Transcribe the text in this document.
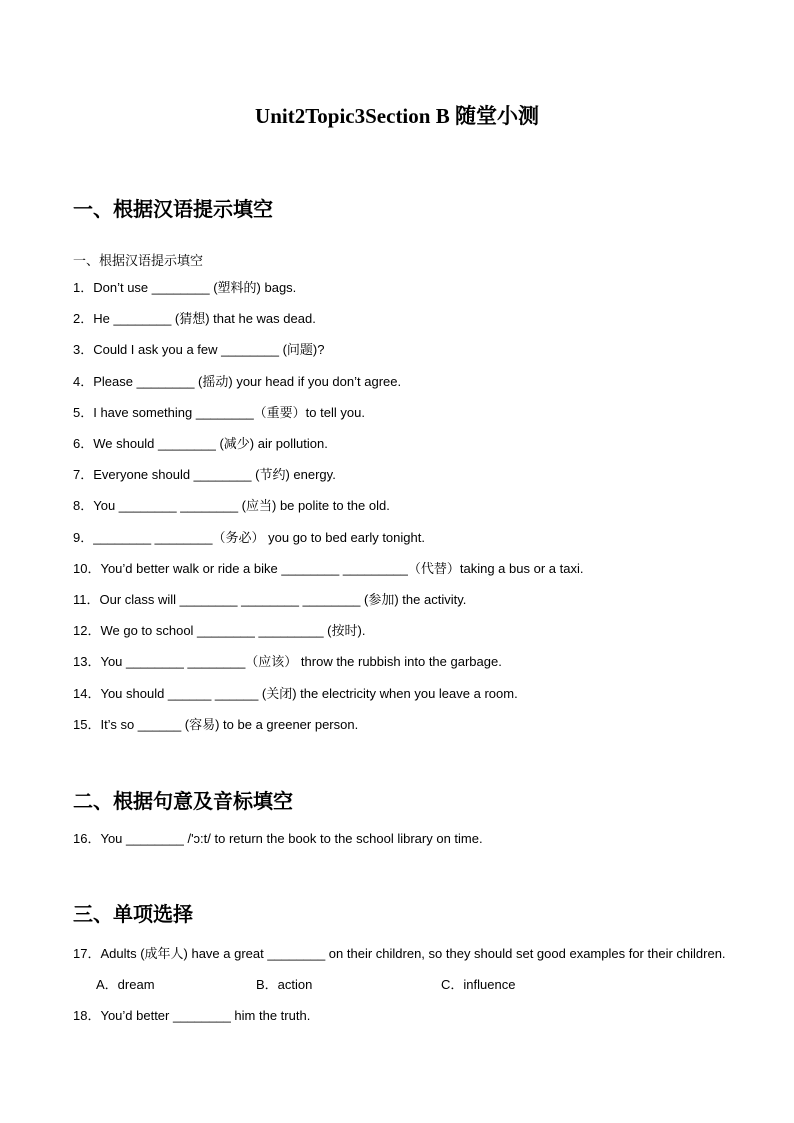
Unit2Topic3Section B 随堂小测
一、根据汉语提示填空
一、根据汉语提示填空
1．Don’t use ________ (塑料的) bags.
2．He ________ (猜想) that he was dead.
3．Could I ask you a few ________ (问题)?
4．Please ________ (摇动) your head if you don’t agree.
5．I have something ________（重要）to tell you.
6．We should ________ (减少) air pollution.
7．Everyone should ________ (节约) energy.
8．You ________ ________ (应当) be polite to the old.
9．________ ________（务必） you go to bed early tonight.
10．You’d better walk or ride a bike ________ _________（代替）taking a bus or a taxi.
11．Our class will ________ ________ ________ (参加) the activity.
12．We go to school ________ _________ (按时).
13．You ________ ________（应该） throw the rubbish into the garbage.
14．You should ______ ______ (关闭) the electricity when you leave a room.
15．It’s so ______ (容易) to be a greener person.
二、根据句意及音标填空
16．You ________ /'ɔ:t/ to return the book to the school library on time.
三、单项选择
17．Adults (成年人) have a great ________ on their children, so they should set good examples for their children.
A．dream	B．action	C．influence
18．You’d better ________ him the truth.
